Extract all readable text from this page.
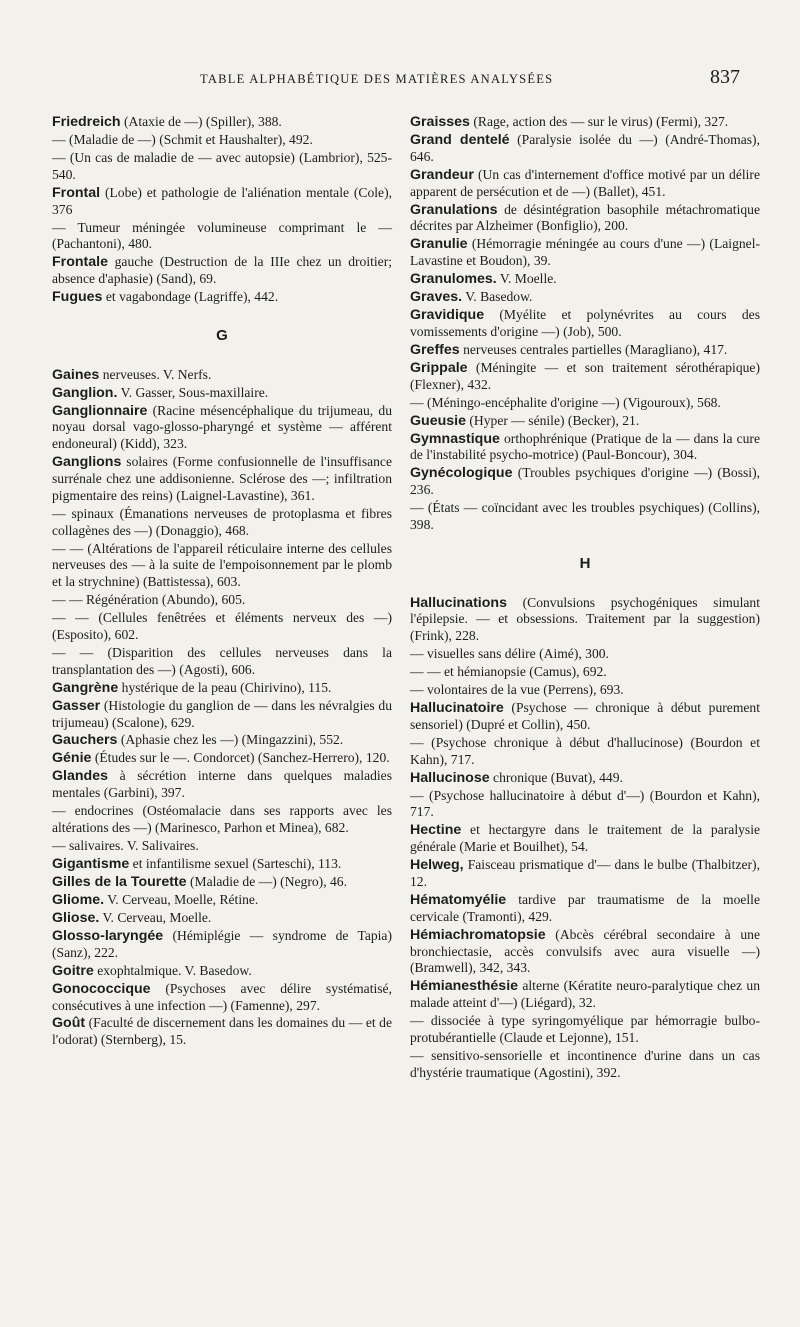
TABLE ALPHABÉTIQUE DES MATIÈRES ANALYSÉES	837
Friedreich (Ataxie de —) (Spiller), 388.
— (Maladie de —) (Schmit et Haushalter), 492.
— (Un cas de maladie de — avec autopsie) (Lambrior), 525-540.
Frontal (Lobe) et pathologie de l'aliénation mentale (Cole), 376
— Tumeur méningée volumineuse comprimant le — (Pachantoni), 480.
Frontale gauche (Destruction de la IIIe chez un droitier; absence d'aphasie) (Sand), 69.
Fugues et vagabondage (Lagriffe), 442.
G
Gaines nerveuses. V. Nerfs.
Ganglion. V. Gasser, Sous-maxillaire.
Ganglionnaire (Racine mésencéphalique du trijumeau, du noyau dorsal vago-glosso-pharyngé et système — afférent endoneural) (Kidd), 323.
Ganglions solaires (Forme confusionnelle de l'insuffisance surrénale chez une addisonienne. Sclérose des —; infiltration pigmentaire des reins) (Laignel-Lavastine), 361.
— spinaux (Émanations nerveuses de protoplasma et fibres collagènes des —) (Donaggio), 468.
— — (Altérations de l'appareil réticulaire interne des cellules nerveuses des — à la suite de l'empoisonnement par le plomb et la strychnine) (Battistessa), 603.
— — Régénération (Abundo), 605.
— — (Cellules fenêtrées et éléments nerveux des —) (Esposito), 602.
— — (Disparition des cellules nerveuses dans la transplantation des —) (Agosti), 606.
Gangrène hystérique de la peau (Chirivino), 115.
Gasser (Histologie du ganglion de — dans les névralgies du trijumeau) (Scalone), 629.
Gauchers (Aphasie chez les —) (Mingazzini), 552.
Génie (Études sur le —. Condorcet) (Sanchez-Herrero), 120.
Glandes à sécrétion interne dans quelques maladies mentales (Garbini), 397.
— endocrines (Ostéomalacie dans ses rapports avec les altérations des —) (Marinesco, Parhon et Minea), 682.
— salivaires. V. Salivaires.
Gigantisme et infantilisme sexuel (Sarteschi), 113.
Gilles de la Tourette (Maladie de —) (Negro), 46.
Gliome. V. Cerveau, Moelle, Rétine.
Gliose. V. Cerveau, Moelle.
Glosso-laryngée (Hémiplégie — syndrome de Tapia) (Sanz), 222.
Goitre exophtalmique. V. Basedow.
Gonococcique (Psychoses avec délire systématisé, consécutives à une infection —) (Famenne), 297.
Goût (Faculté de discernement dans les domaines du — et de l'odorat) (Sternberg), 15.
Graisses (Rage, action des — sur le virus) (Fermi), 327.
Grand dentelé (Paralysie isolée du —) (André-Thomas), 646.
Grandeur (Un cas d'internement d'office motivé par un délire apparent de persécution et de —) (Ballet), 451.
Granulations de désintégration basophile métachromatique décrites par Alzheimer (Bonfiglio), 200.
Granulie (Hémorragie méningée au cours d'une —) (Laignel-Lavastine et Boudon), 39.
Granulomes. V. Moelle.
Graves. V. Basedow.
Gravidique (Myélite et polynévrites au cours des vomissements d'origine —) (Job), 500.
Greffes nerveuses centrales partielles (Maragliano), 417.
Grippale (Méningite — et son traitement sérothérapique) (Flexner), 432.
— (Méningo-encéphalite d'origine —) (Vigouroux), 568.
Gueusie (Hyper — sénile) (Becker), 21.
Gymnastique orthophrénique (Pratique de la — dans la cure de l'instabilité psycho-motrice) (Paul-Boncour), 304.
Gynécologique (Troubles psychiques d'origine —) (Bossi), 236.
— (États — coïncidant avec les troubles psychiques) (Collins), 398.
H
Hallucinations (Convulsions psychogéniques simulant l'épilepsie. — et obsessions. Traitement par la suggestion) (Frink), 228.
— visuelles sans délire (Aimé), 300.
— — et hémianopsie (Camus), 692.
— volontaires de la vue (Perrens), 693.
Hallucinatoire (Psychose — chronique à début purement sensoriel) (Dupré et Collin), 450.
— (Psychose chronique à début d'hallucinose) (Bourdon et Kahn), 717.
Hallucinose chronique (Buvat), 449.
— (Psychose hallucinatoire à début d'—) (Bourdon et Kahn), 717.
Hectine et hectargyre dans le traitement de la paralysie générale (Marie et Bouilhet), 54.
Helweg, Faisceau prismatique d'— dans le bulbe (Thalbitzer), 12.
Hématomyélie tardive par traumatisme de la moelle cervicale (Tramonti), 429.
Hémiachromatopsie (Abcès cérébral secondaire à une bronchiectasie, accès convulsifs avec aura visuelle —) (Bramwell), 342, 343.
Hémianesthésie alterne (Kératite neuro-paralytique chez un malade atteint d'—) (Liégard), 32.
— dissociée à type syringomyélique par hémorragie bulbo-protubérantielle (Claude et Lejonne), 151.
— sensitivo-sensorielle et incontinence d'urine dans un cas d'hystérie traumatique (Agostini), 392.
